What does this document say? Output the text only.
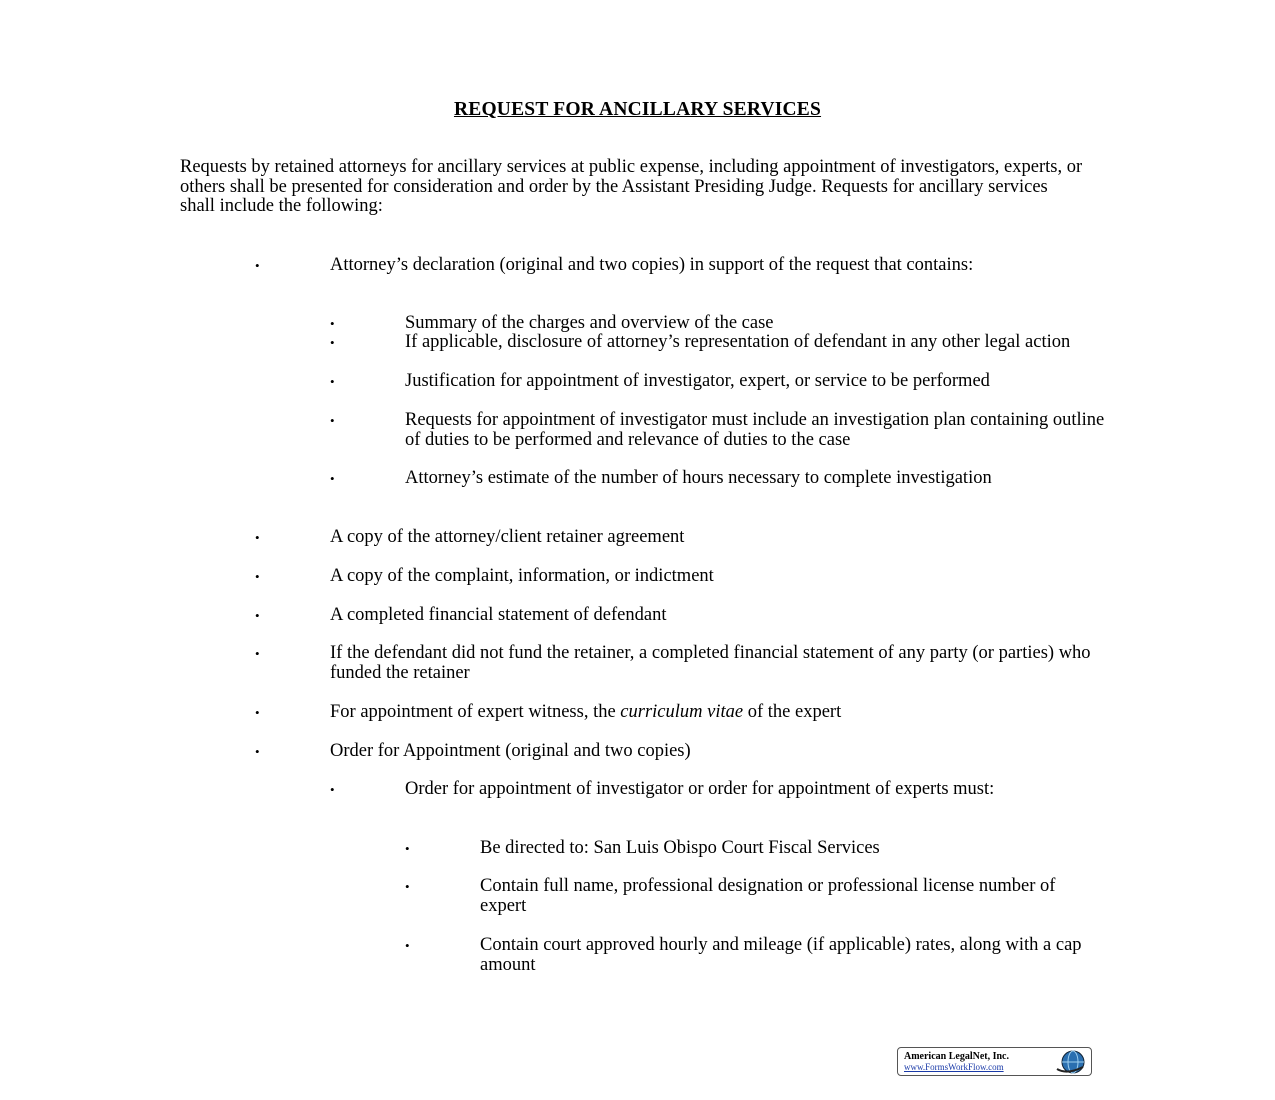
REQUEST FOR ANCILLARY SERVICES
Requests by retained attorneys for ancillary services at public expense, including appointment of investigators, experts, or others shall be presented for consideration and order by the Assistant Presiding Judge. Requests for ancillary services shall include the following:
•	Attorney’s declaration (original and two copies) in support of the request that contains:
•	Summary of the charges and overview of the case
•	If applicable, disclosure of attorney’s representation of defendant in any other legal action
•	Justification for appointment of investigator, expert, or service to be performed
•	Requests for appointment of investigator must include an investigation plan containing outline of duties to be performed and relevance of duties to the case
•	Attorney’s estimate of the number of hours necessary to complete investigation
•	A copy of the attorney/client retainer agreement
•	A copy of the complaint, information, or indictment
•	A completed financial statement of defendant
•	If the defendant did not fund the retainer, a completed financial statement of any party (or parties) who funded the retainer
•	For appointment of expert witness, the curriculum vitae of the expert
•	Order for Appointment (original and two copies)
•	Order for appointment of investigator or order for appointment of experts must:
•	Be directed to: San Luis Obispo Court Fiscal Services
•	Contain full name, professional designation or professional license number of expert
•	Contain court approved hourly and mileage (if applicable) rates, along with a cap amount
American LegalNet, Inc.
www.FormsWorkFlow.com
